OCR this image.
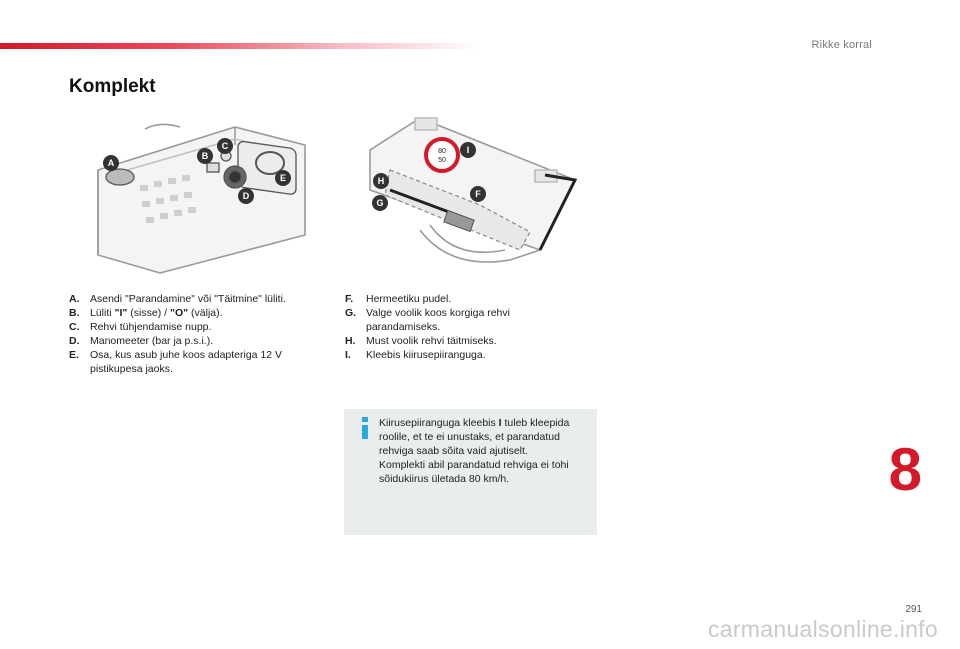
Rikke korral
Komplekt
A
B
C
D
E
80
50
I
H
F
G
A.	Asendi "Parandamine" või "Täitmine" lüliti.
B.	Lüliti "I" (sisse) / "O" (välja).
C.	Rehvi tühjendamise nupp.
D.	Manomeeter (bar ja p.s.i.).
E.	Osa, kus asub juhe koos adapteriga 12 V pistikupesa jaoks.
F.	Hermeetiku pudel.
G. Valge voolik koos korgiga rehvi parandamiseks.
H.	Must voolik rehvi täitmiseks.
I.	Kleebis kiirusepiiranguga.
Kiirusepiiranguga kleebis I tuleb kleepida roolile, et te ei unustaks, et parandatud rehviga saab sõita vaid ajutiselt.
Komplekti abil parandatud rehviga ei tohi sõidukiirus ületada 80 km/h.	8
291
carmanualsonline.info
